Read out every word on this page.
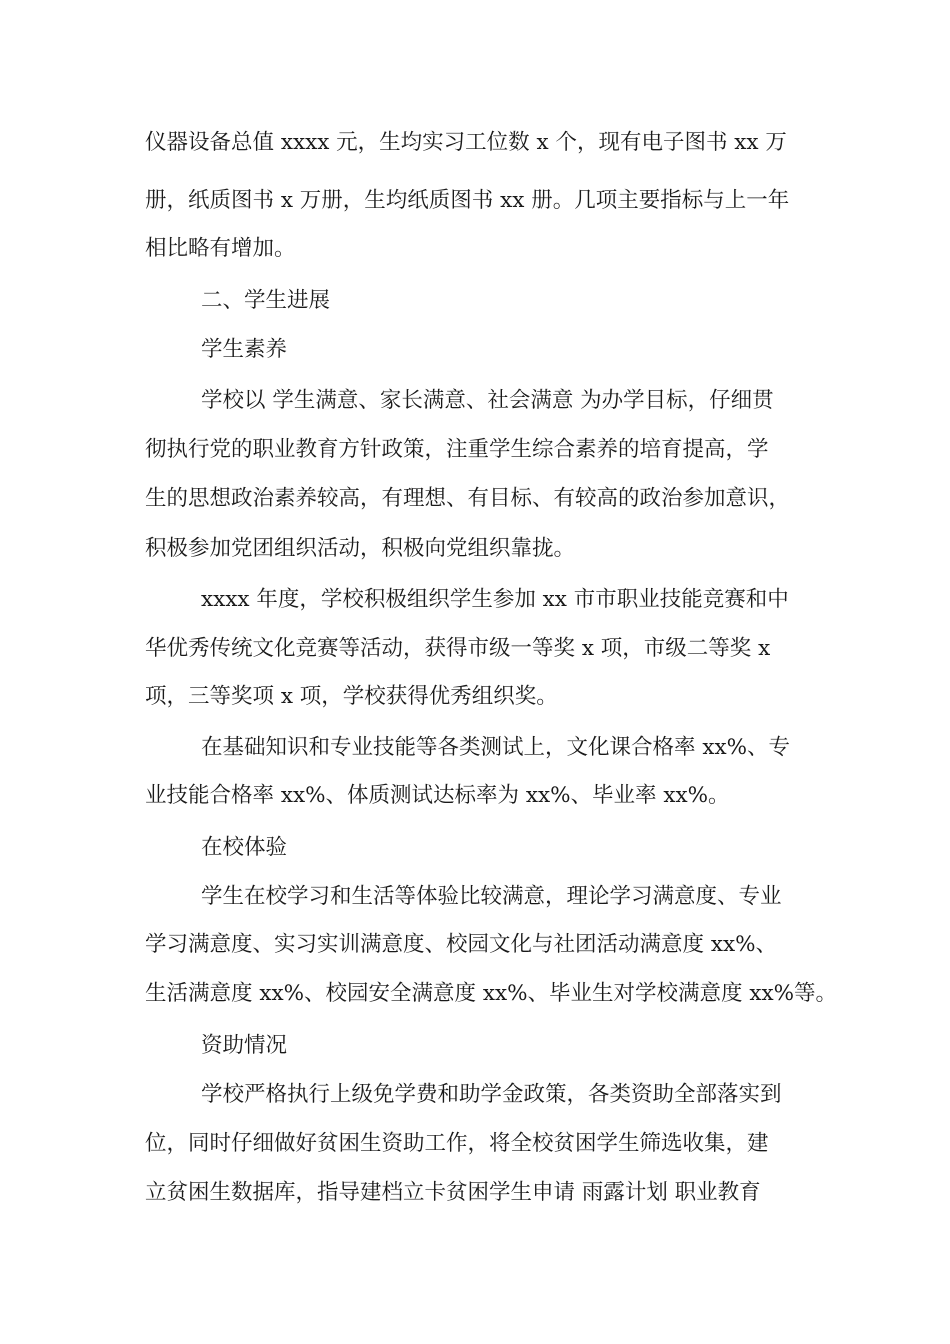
仪器设备总值 xxxx 元，生均实习工位数 x 个，现有电子图书 xx 万
册，纸质图书 x 万册，生均纸质图书 xx 册。几项主要指标与上一年
相比略有增加。
二、学生进展
学生素养
学校以 学生满意、家长满意、社会满意 为办学目标，仔细贯
彻执行党的职业教育方针政策，注重学生综合素养的培育提高，学
生的思想政治素养较高，有理想、有目标、有较高的政治参加意识，
积极参加党团组织活动，积极向党组织靠拢。
xxxx 年度，学校积极组织学生参加 xx 市市职业技能竞赛和中
华优秀传统文化竞赛等活动，获得市级一等奖 x 项，市级二等奖 x
项，三等奖项 x 项，学校获得优秀组织奖。
在基础知识和专业技能等各类测试上，文化课合格率 xx%、专
业技能合格率 xx%、体质测试达标率为 xx%、毕业率 xx%。
在校体验
学生在校学习和生活等体验比较满意，理论学习满意度、专业
学习满意度、实习实训满意度、校园文化与社团活动满意度 xx%、
生活满意度 xx%、校园安全满意度 xx%、毕业生对学校满意度 xx%等。
资助情况
学校严格执行上级免学费和助学金政策，各类资助全部落实到
位，同时仔细做好贫困生资助工作，将全校贫困学生筛选收集，建
立贫困生数据库，指导建档立卡贫困学生申请 雨露计划 职业教育
